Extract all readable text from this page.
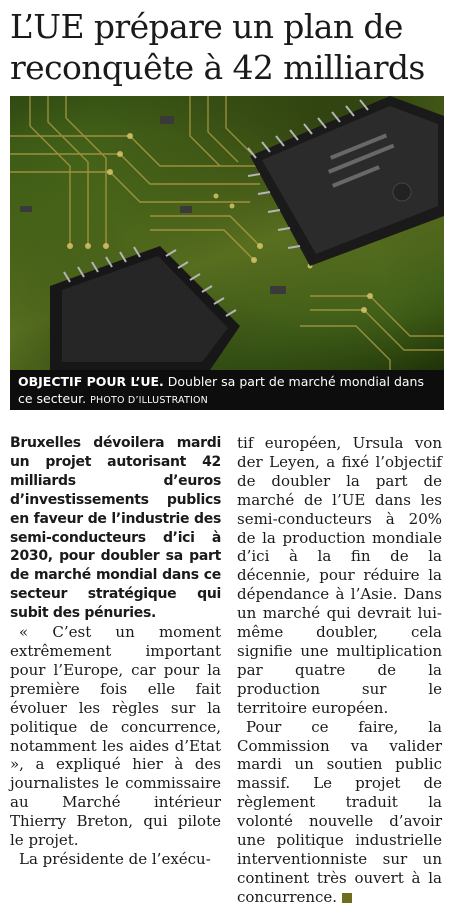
L’UE prépare un plan de reconquête à 42 milliards
OBJECTIF POUR L’UE. Doubler sa part de marché mondial dans ce secteur. PHOTO D’ILLUSTRATION

Bruxelles dévoilera mardi un projet autorisant 42 milliards d’euros d’investissements publics en faveur de l’industrie des semi-conducteurs d’ici à 2030, pour doubler sa part de marché mondial dans ce secteur stratégique qui subit des pénuries.

« C’est un moment extrêmement important pour l’Europe, car pour la première fois elle fait évoluer les règles sur la politique de concurrence, notamment les aides d’Etat », a expliqué hier à des journalistes le commissaire au Marché intérieur Thierry Breton, qui pilote le projet.

La présidente de l’exécu-

tif européen, Ursula von der Leyen, a fixé l’objectif de doubler la part de marché de l’UE dans les semi-conducteurs à 20% de la production mondiale d’ici à la fin de la décennie, pour réduire la dépendance à l’Asie. Dans un marché qui devrait lui-même doubler, cela signifie une multiplication par quatre de la production sur le territoire européen.

Pour ce faire, la Commission va valider mardi un soutien public massif. Le projet de règlement traduit la volonté nouvelle d’avoir une politique industrielle interventionniste sur un continent très ouvert à la concurrence.
